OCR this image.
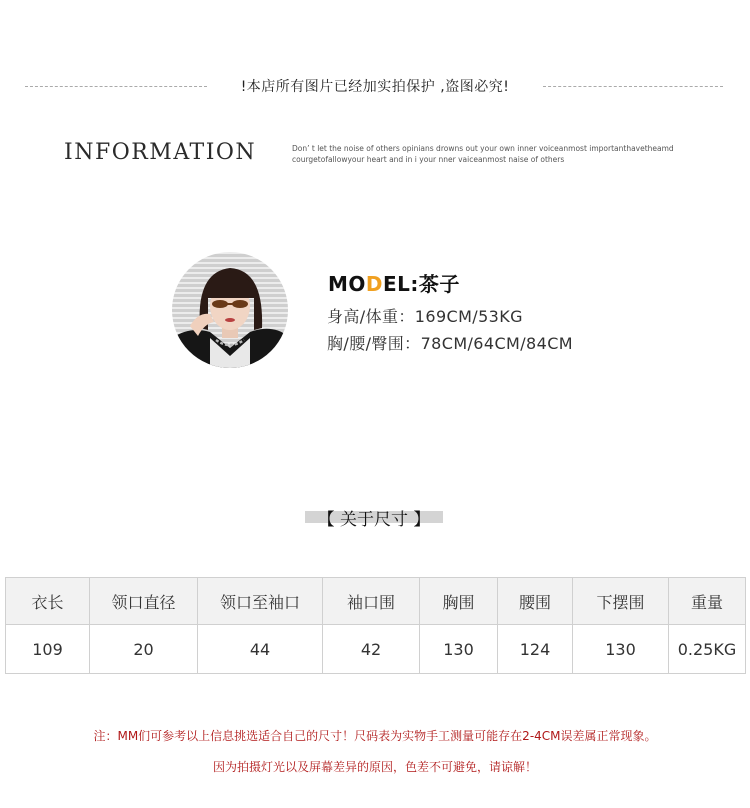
!本店所有图片已经加实拍保护 ,盗图必究!
INFORMATION	Don’ t let the noise of others opinians drowns out your own inner voiceanmost importanthavetheamd
courgetofallowyour heart and in i your nner vaiceanmost naise of others
MODEL:茶子
身高/体重：169CM/53KG
胸/腰/臀围：78CM/64CM/84CM
【 关于尺寸 】
衣长	领口直径	领口至袖口	袖口围	胸围	腰围	下摆围	重量
109	20	44	42	130	124	130	0.25KG
注：MM们可参考以上信息挑选适合自己的尺寸！尺码表为实物手工测量可能存在2-4CM误差属正常现象。
因为拍摄灯光以及屏幕差异的原因，色差不可避免，请谅解！
